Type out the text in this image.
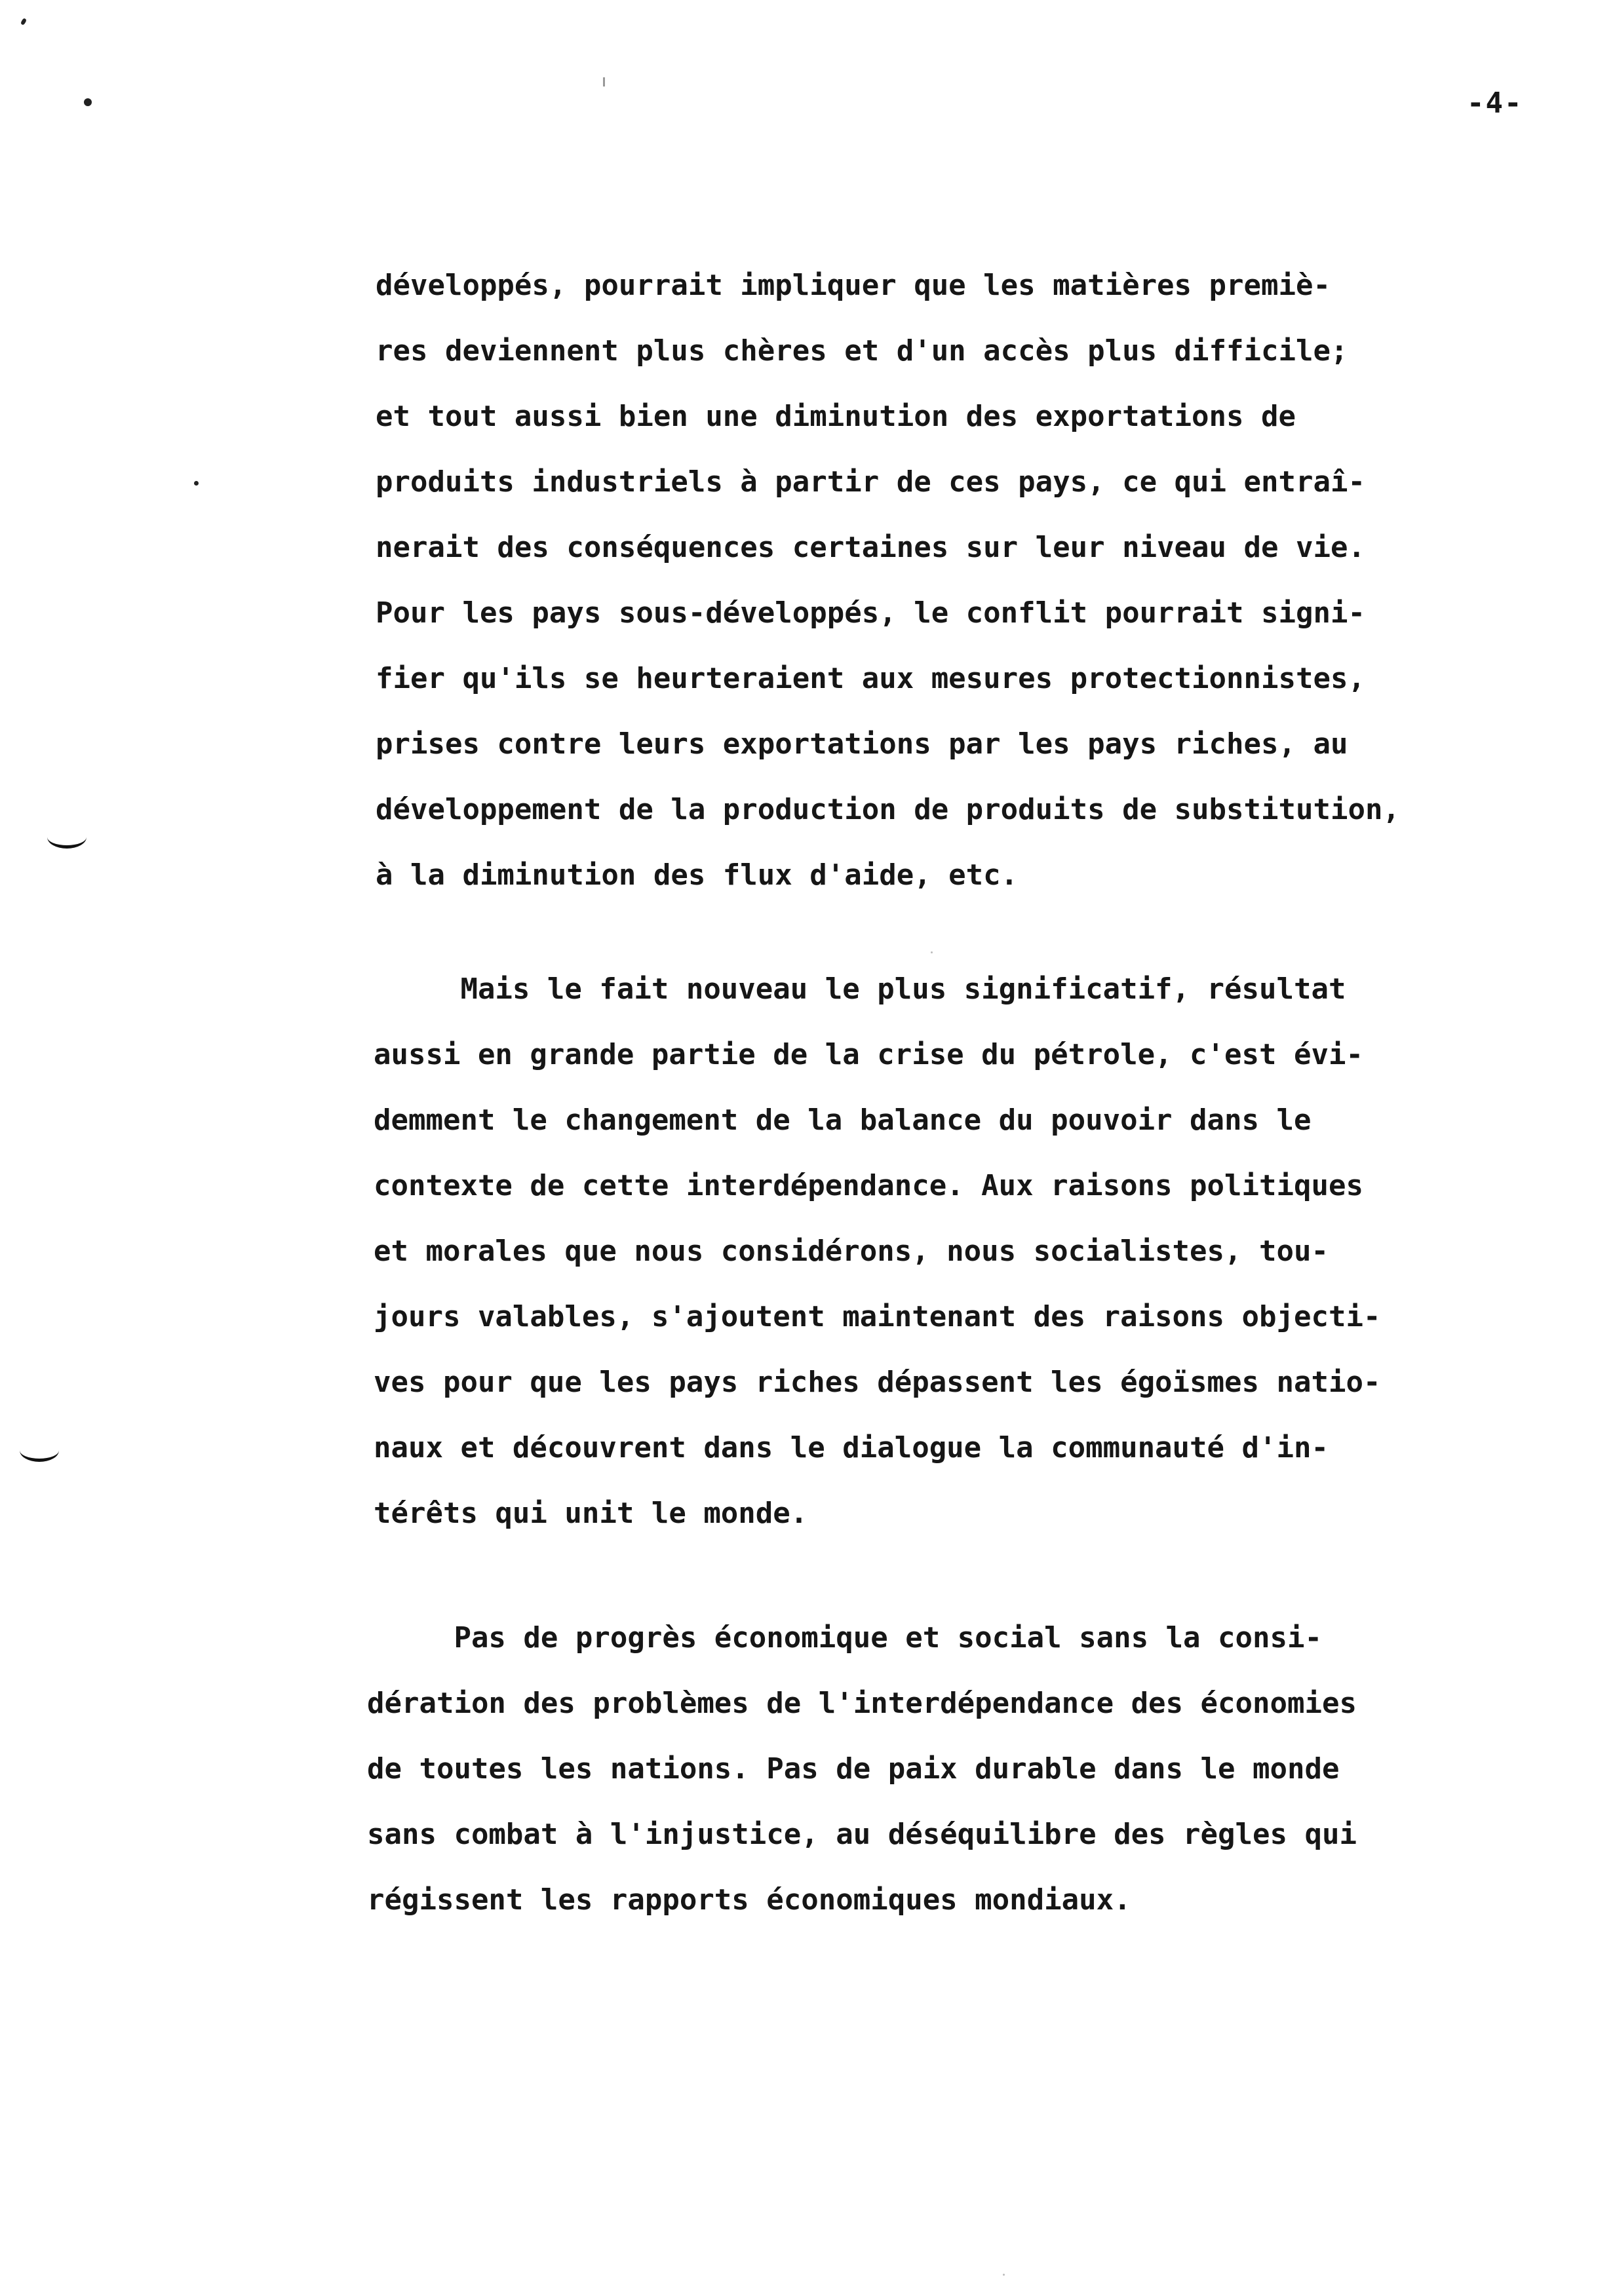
-4-

développés, pourrait impliquer que les matières premiè-
res deviennent plus chères et d'un accès plus difficile;
et tout aussi bien une diminution des exportations de
produits industriels à partir de ces pays, ce qui entraî-
nerait des conséquences certaines sur leur niveau de vie.
Pour les pays sous-développés, le conflit pourrait signi-
fier qu'ils se heurteraient aux mesures protectionnistes,
prises contre leurs exportations par les pays riches, au
développement de la production de produits de substitution,
à la diminution des flux d'aide, etc.

Mais le fait nouveau le plus significatif, résultat
aussi en grande partie de la crise du pétrole, c'est évi-
demment le changement de la balance du pouvoir dans le
contexte de cette interdépendance. Aux raisons politiques
et morales que nous considérons, nous socialistes, tou-
jours valables, s'ajoutent maintenant des raisons objecti-
ves pour que les pays riches dépassent les égoïsmes natio-
naux et découvrent dans le dialogue la communauté d'in-
térêts qui unit le monde.

Pas de progrès économique et social sans la consi-
dération des problèmes de l'interdépendance des économies
de toutes les nations. Pas de paix durable dans le monde
sans combat à l'injustice, au déséquilibre des règles qui
régissent les rapports économiques mondiaux.
